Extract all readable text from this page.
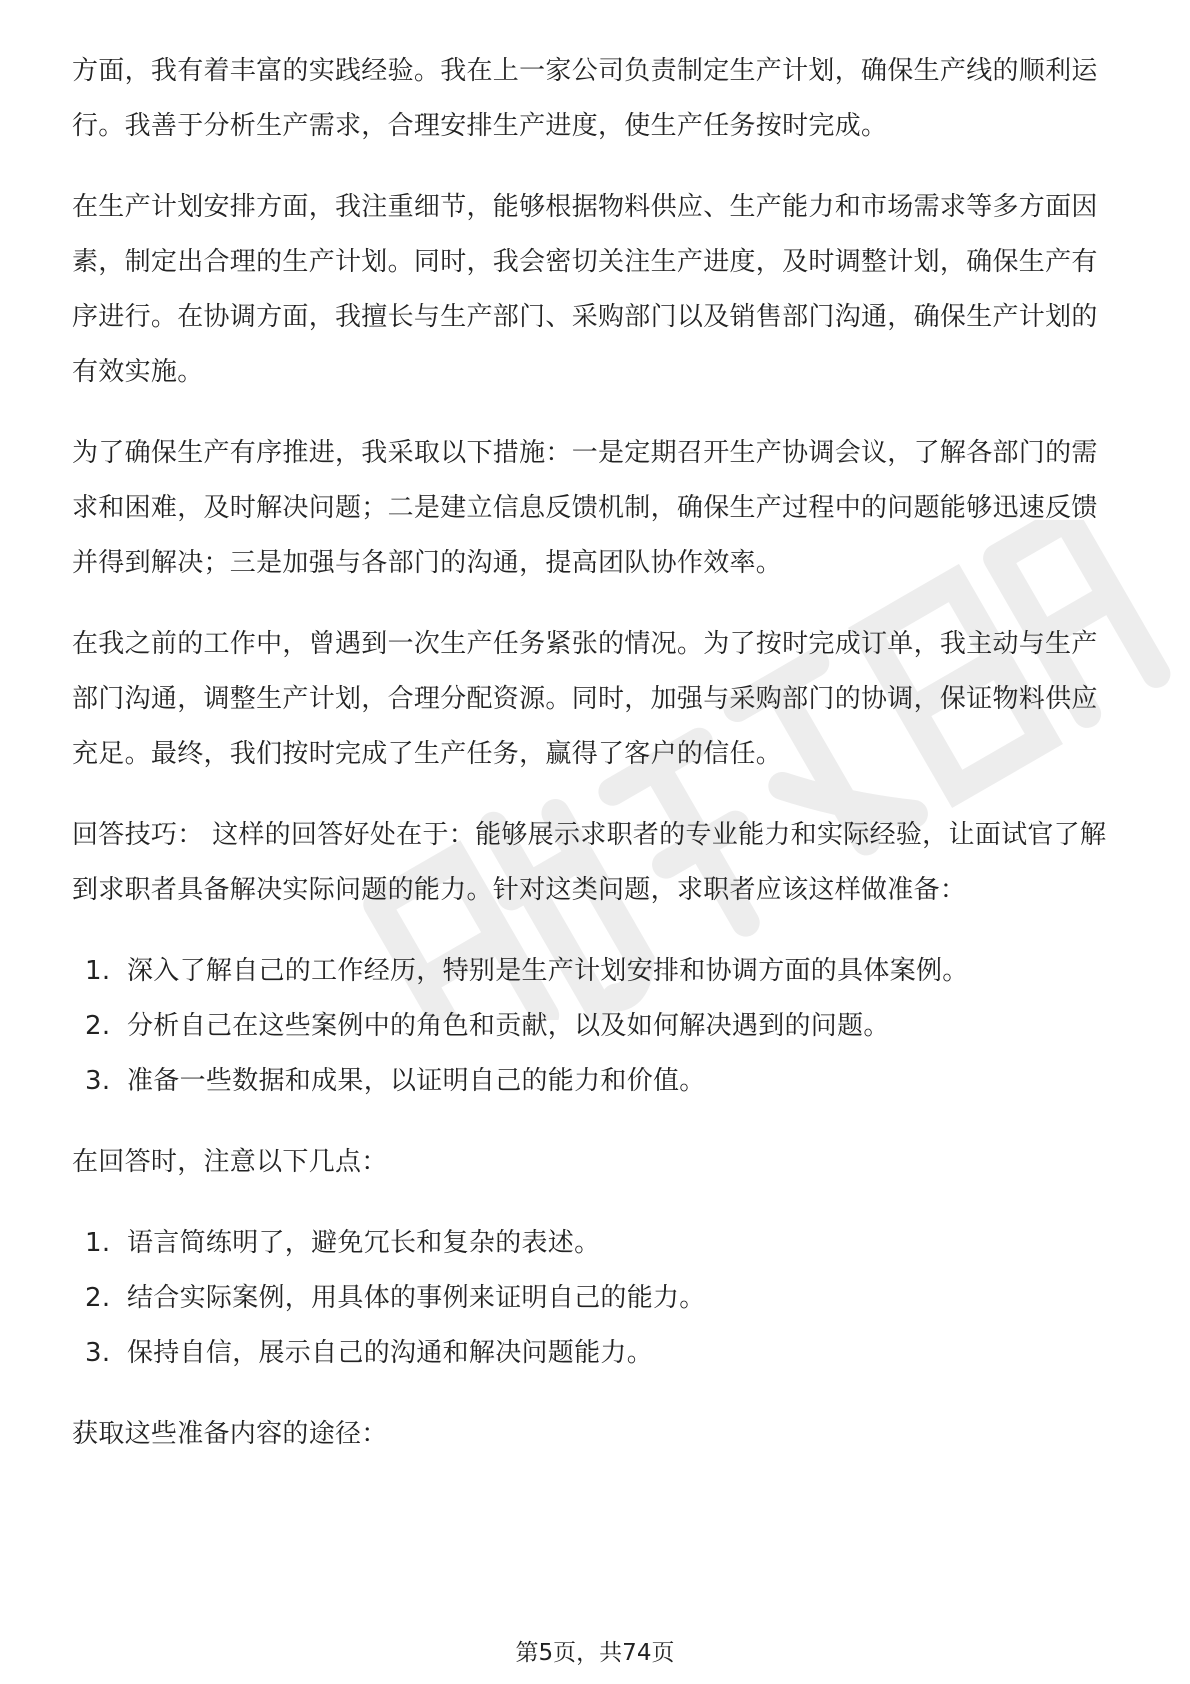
方面，我有着丰富的实践经验。我在上一家公司负责制定生产计划，确保生产线的顺利运行。我善于分析生产需求，合理安排生产进度，使生产任务按时完成。

在生产计划安排方面，我注重细节，能够根据物料供应、生产能力和市场需求等多方面因素，制定出合理的生产计划。同时，我会密切关注生产进度，及时调整计划，确保生产有序进行。在协调方面，我擅长与生产部门、采购部门以及销售部门沟通，确保生产计划的有效实施。

为了确保生产有序推进，我采取以下措施：一是定期召开生产协调会议，了解各部门的需求和困难，及时解决问题；二是建立信息反馈机制，确保生产过程中的问题能够迅速反馈并得到解决；三是加强与各部门的沟通，提高团队协作效率。

在我之前的工作中，曾遇到一次生产任务紧张的情况。为了按时完成订单，我主动与生产部门沟通，调整生产计划，合理分配资源。同时，加强与采购部门的协调，保证物料供应充足。最终，我们按时完成了生产任务，赢得了客户的信任。

回答技巧： 这样的回答好处在于：能够展示求职者的专业能力和实际经验，让面试官了解到求职者具备解决实际问题的能力。针对这类问题，求职者应该这样做准备：

1. 深入了解自己的工作经历，特别是生产计划安排和协调方面的具体案例。
2. 分析自己在这些案例中的角色和贡献，以及如何解决遇到的问题。
3. 准备一些数据和成果，以证明自己的能力和价值。

在回答时，注意以下几点：

1. 语言简练明了，避免冗长和复杂的表述。
2. 结合实际案例，用具体的事例来证明自己的能力。
3. 保持自信，展示自己的沟通和解决问题能力。

获取这些准备内容的途径：

第5页，共74页
